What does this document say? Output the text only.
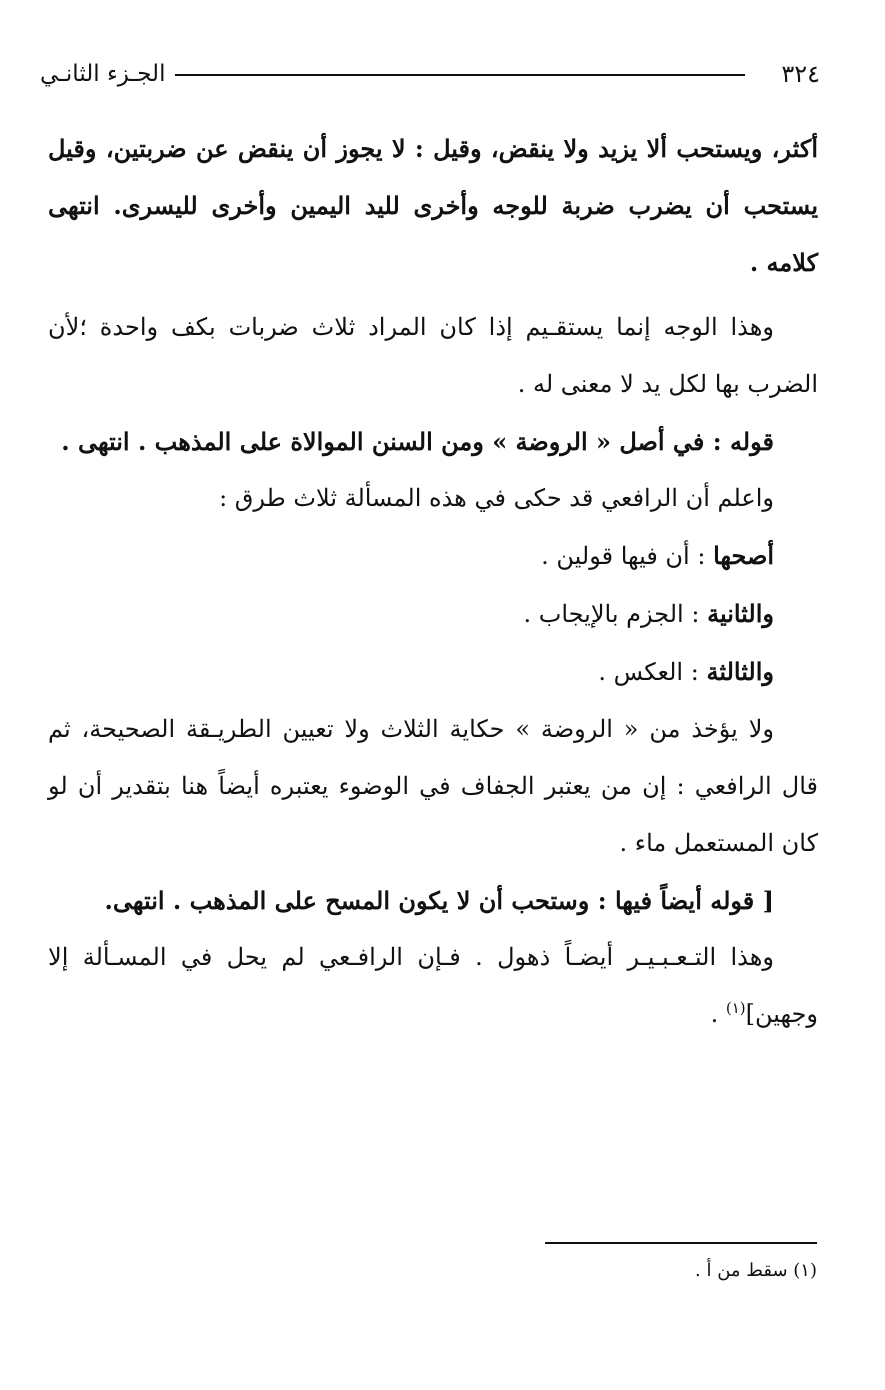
٣٢٤
الجـزء الثانـي

أكثر، ويستحب ألا يزيد ولا ينقض، وقيل : لا يجوز أن ينقض عن ضربتين، وقيل يستحب أن يضرب ضربة للوجه وأخرى لليد اليمين وأخرى لليسرى. انتهى كلامه .

وهذا الوجه إنما يستقـيم إذا كان المراد ثلاث ضربات بكف واحدة ؛لأن الضرب بها لكل يد لا معنى له .

قوله : في أصل « الروضة » ومن السنن الموالاة على المذهب . انتهى .

واعلم أن الرافعي قد حكى في هذه المسألة ثلاث طرق :

أصحها : أن فيها قولين .

والثانية : الجزم بالإيجاب .

والثالثة : العكس .

ولا يؤخذ من « الروضة » حكاية الثلاث ولا تعيين الطريـقة الصحيحة، ثم قال الرافعي : إن من يعتبر الجفاف في الوضوء يعتبره أيضاً هنا بتقدير أن لو كان المستعمل ماء .

[ قوله أيضاً فيها : وستحب أن لا يكون المسح على المذهب . انتهى.

وهذا التـعـبـيـر أيضـاً ذهول . فـإن الرافـعي لم يحل في المسـألة إلا وجهين]$^{(١)}$ .

(١) سقط من أ .
